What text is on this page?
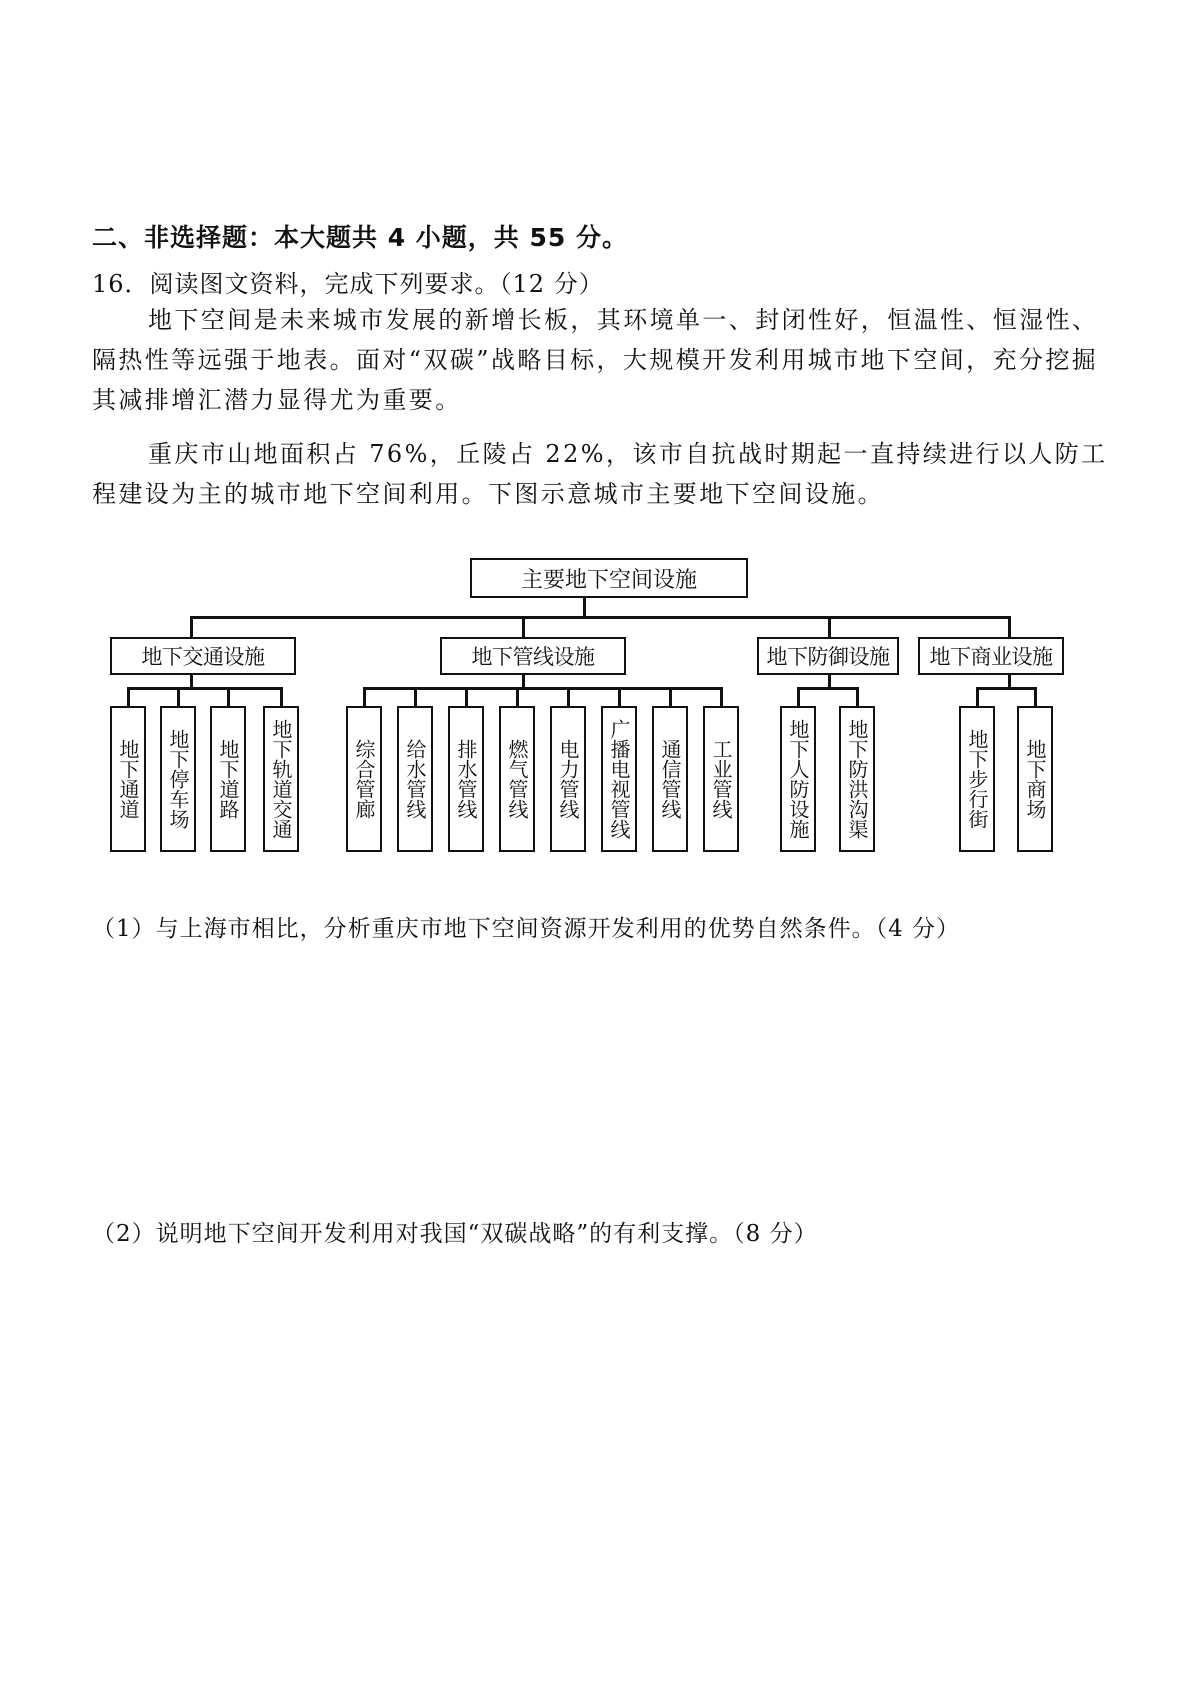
二、非选择题：本大题共 4 小题，共 55 分。
16．阅读图文资料，完成下列要求。（12 分）

地下空间是未来城市发展的新增长板，其环境单一、封闭性好，恒温性、恒湿性、隔热性等远强于地表。面对“双碳”战略目标，大规模开发利用城市地下空间，充分挖掘其减排增汇潜力显得尤为重要。

重庆市山地面积占 76%，丘陵占 22%，该市自抗战时期起一直持续进行以人防工程建设为主的城市地下空间利用。下图示意城市主要地下空间设施。

主要地下空间设施
地下交通设施	地下管线设施	地下防御设施	地下商业设施
地下通道	地下停车场	地下道路	地下轨道交通	综合管廊	给水管线	排水管线	燃气管线	电力管线	广播电视管线	通信管线	工业管线	地下人防设施	地下防洪沟渠	地下步行街	地下商场
（1）与上海市相比，分析重庆市地下空间资源开发利用的优势自然条件。（4 分）
（2）说明地下空间开发利用对我国“双碳战略”的有利支撑。（8 分）
